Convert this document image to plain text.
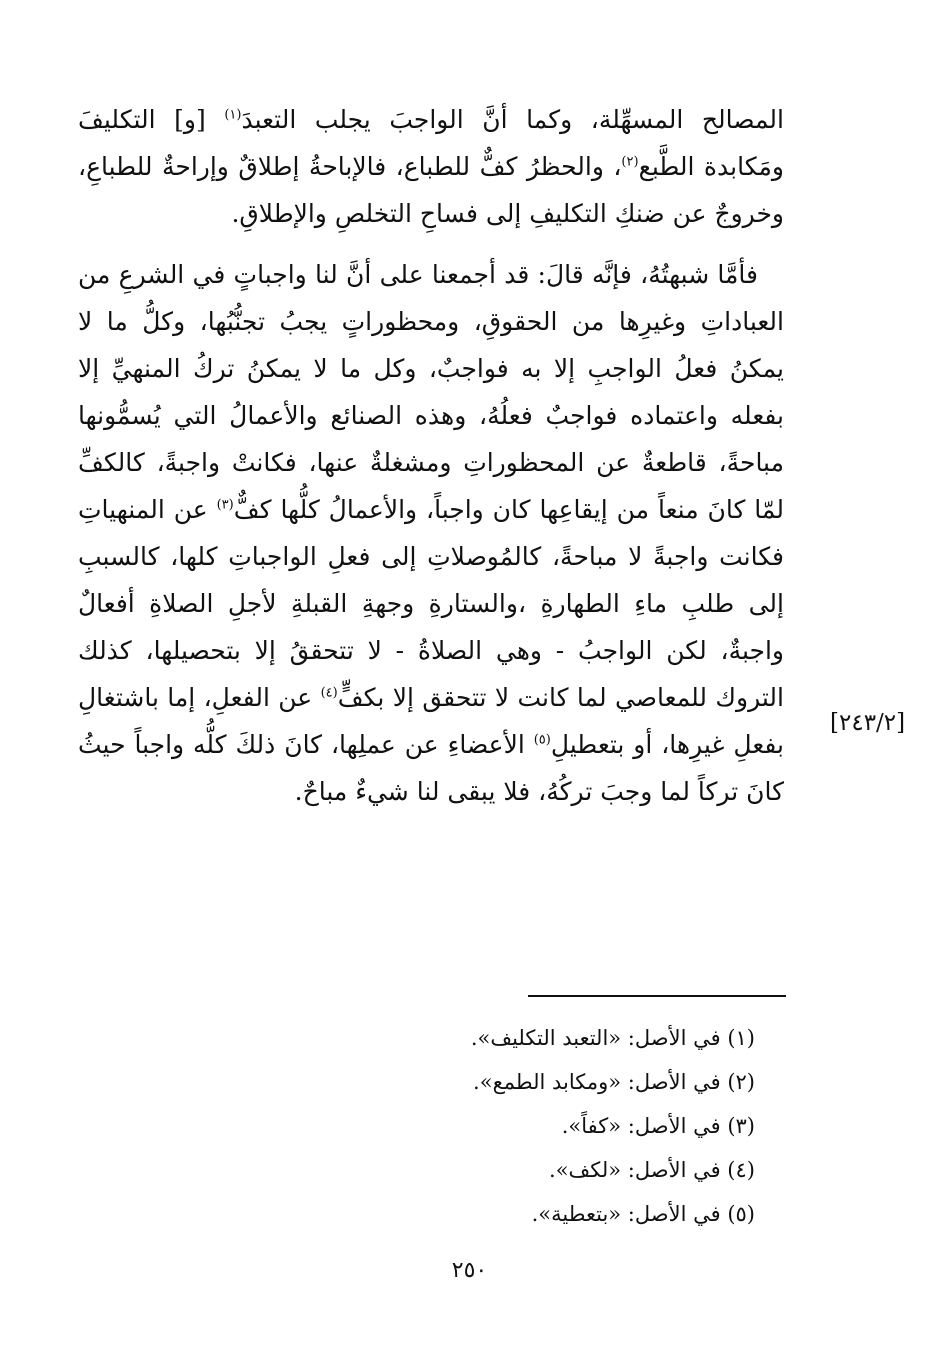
المصالح المسهِّلة، وكما أنَّ الواجبَ يجلب التعبدَ$^{(١)}$ [و] التكليفَ ومَكابدة الطَّبع$^{(٢)}$، والحظرُ كفٌّ للطباع، فالإباحةُ إطلاقٌ وإراحةٌ للطباعِ، وخروجٌ عن ضنكِ التكليفِ إلى فساحِ التخلصِ والإطلاقِ.

فأمَّا شبهتُهُ، فإنَّه قالَ: قد أجمعنا على أنَّ لنا واجباتٍ في الشرعِ من العباداتِ وغيرِها من الحقوقِ، ومحظوراتٍ يجبُ تجنُّبُها، وكلُّ ما لا يمكنُ فعلُ الواجبِ إلا به فواجبٌ، وكل ما لا يمكنُ تركُ المنهيِّ إلا بفعله واعتماده فواجبٌ فعلُهُ، وهذه الصنائع والأعمالُ التي يُسمُّونها مباحةً، قاطعةٌ عن المحظوراتِ ومشغلةٌ عنها، فكانتْ واجبةً، كالكفِّ لمّا كانَ منعاً من إيقاعِها كان واجباً، والأعمالُ كلُّها كفٌّ$^{(٣)}$ عن المنهياتِ فكانت واجبةً لا مباحةً، كالمُوصلاتِ إلى فعلِ الواجباتِ كلها، كالسببِ إلى طلبِ ماءِ الطهارةِ ،والستارةِ وجهةِ القبلةِ لأجلِ الصلاةِ أفعالٌ واجبةٌ، لكن الواجبُ - وهي الصلاةُ - لا تتحققُ إلا بتحصيلها، كذلك التروك للمعاصي لما كانت لا تتحقق إلا بكفٍّ$^{(٤)}$ عن الفعلِ، إما باشتغالِ بفعلِ غيرِها، أو بتعطيلِ$^{(٥)}$ الأعضاءِ عن عملِها، كانَ ذلكَ كلُّه واجباً حيثُ كانَ تركاً لما وجبَ تركُهُ، فلا يبقى لنا شيءٌ مباحٌ.

[٢٤٣/٢]
(١) في الأصل: «التعبد التكليف».
(٢) في الأصل: «ومكابد الطمع».
(٣) في الأصل: «كفاً».
(٤) في الأصل: «لكف».
(٥) في الأصل: «بتعطية».
٢٥٠
